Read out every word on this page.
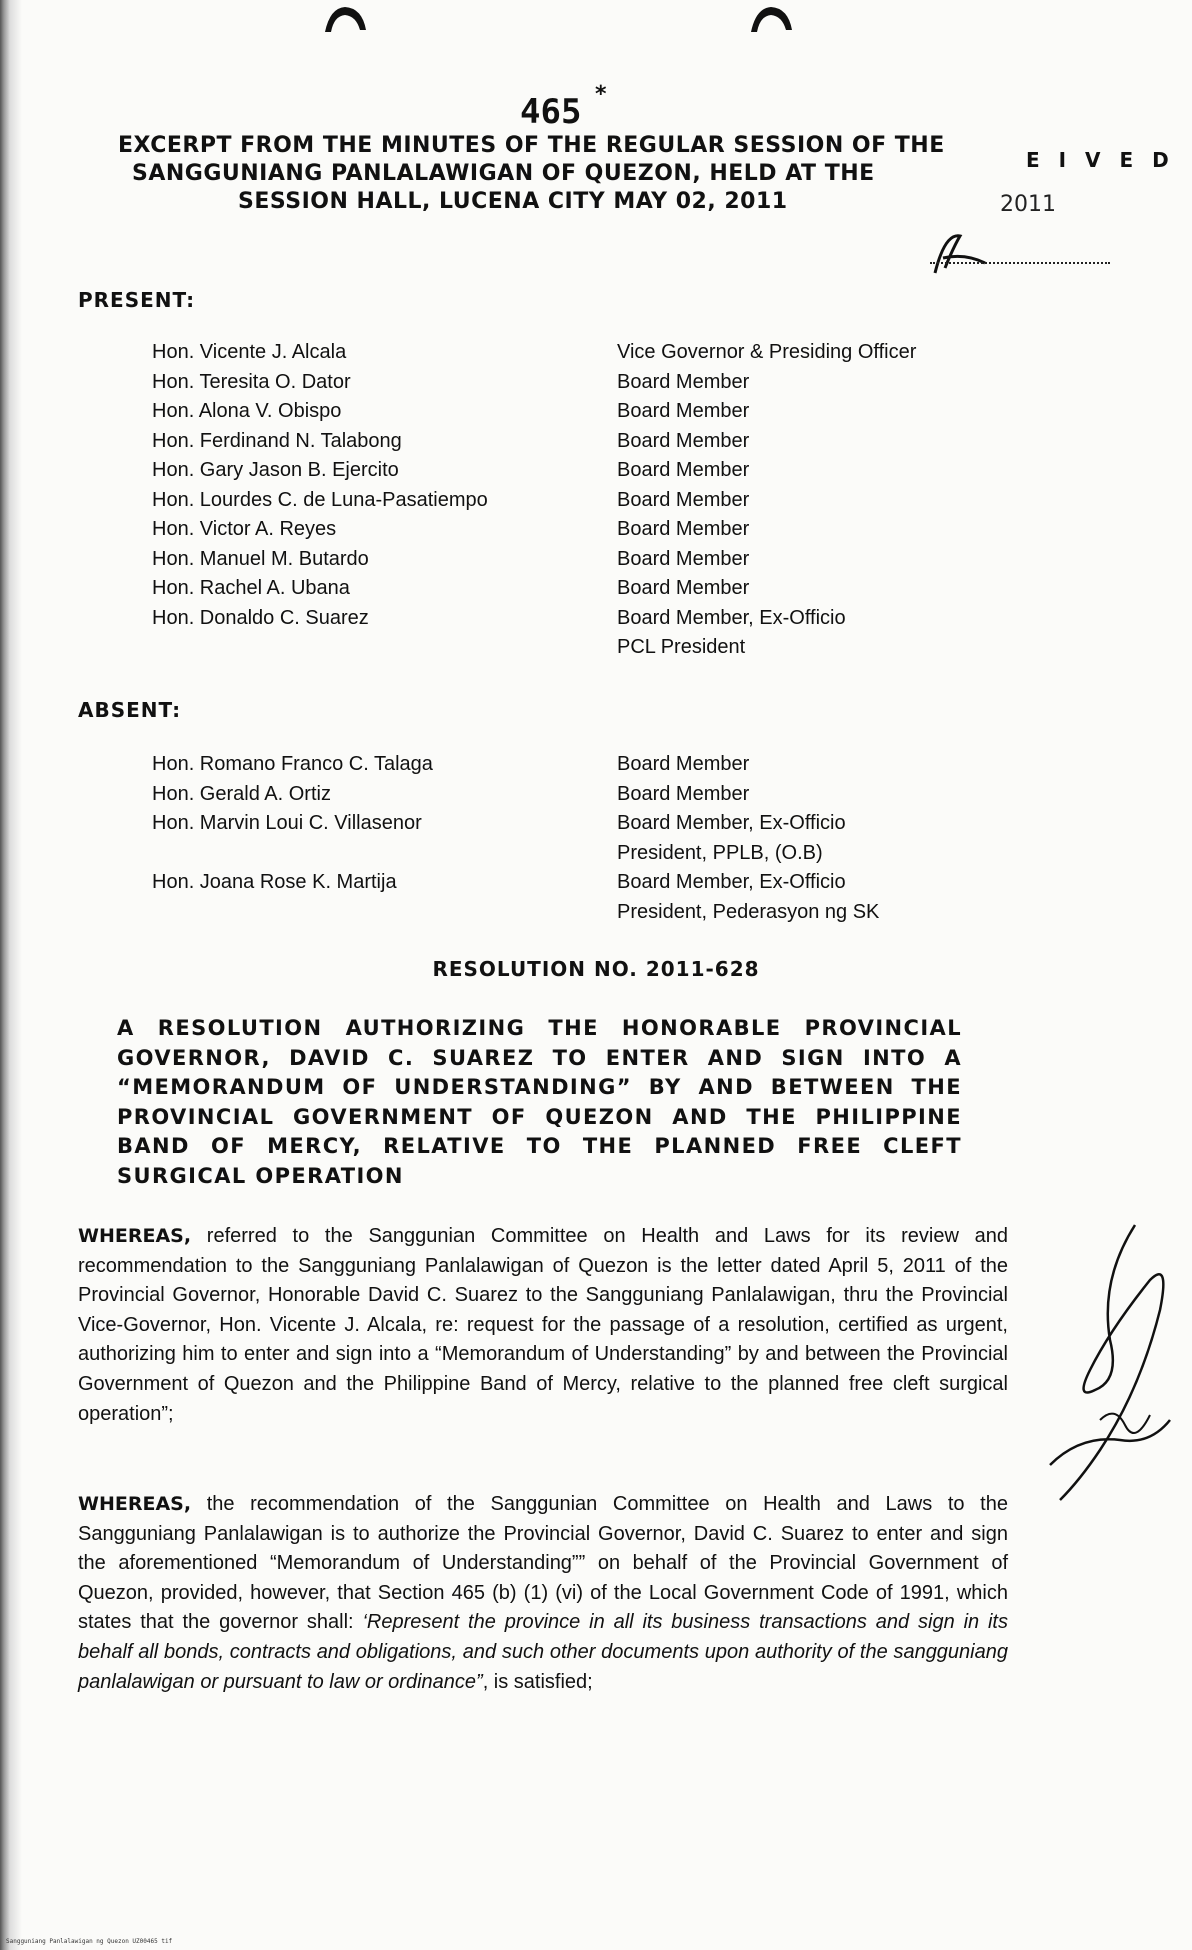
465 *
EXCERPT FROM THE MINUTES OF THE REGULAR SESSION OF THE
SANGGUNIANG PANLALAWIGAN OF QUEZON, HELD AT THE
SESSION HALL, LUCENA CITY MAY 02, 2011
E I V E D
2011
PRESENT:
Hon. Vicente J. Alcala	Vice Governor & Presiding Officer
Hon. Teresita O. Dator	Board Member
Hon. Alona V. Obispo	Board Member
Hon. Ferdinand N. Talabong	Board Member
Hon. Gary Jason B. Ejercito	Board Member
Hon. Lourdes C. de Luna-Pasatiempo	Board Member
Hon. Victor A. Reyes	Board Member
Hon. Manuel M. Butardo	Board Member
Hon. Rachel A. Ubana	Board Member
Hon. Donaldo C. Suarez	Board Member, Ex-Officio
PCL President
ABSENT:
Hon. Romano Franco C. Talaga	Board Member
Hon. Gerald A. Ortiz	Board Member
Hon. Marvin Loui C. Villasenor	Board Member, Ex-Officio
President, PPLB, (O.B)
Hon. Joana Rose K. Martija	Board Member, Ex-Officio
President, Pederasyon ng SK
RESOLUTION NO. 2011-628
A RESOLUTION AUTHORIZING THE HONORABLE PROVINCIAL GOVERNOR, DAVID C. SUAREZ TO ENTER AND SIGN INTO A “MEMORANDUM OF UNDERSTANDING” BY AND BETWEEN THE PROVINCIAL GOVERNMENT OF QUEZON AND THE PHILIPPINE BAND OF MERCY, RELATIVE TO THE PLANNED FREE CLEFT SURGICAL OPERATION
WHEREAS, referred to the Sanggunian Committee on Health and Laws for its review and recommendation to the Sangguniang Panlalawigan of Quezon is the letter dated April 5, 2011 of the Provincial Governor, Honorable David C. Suarez to the Sangguniang Panlalawigan, thru the Provincial Vice-Governor, Hon. Vicente J. Alcala, re: request for the passage of a resolution, certified as urgent, authorizing him to enter and sign into a “Memorandum of Understanding” by and between the Provincial Government of Quezon and the Philippine Band of Mercy, relative to the planned free cleft surgical operation”;
WHEREAS, the recommendation of the Sanggunian Committee on Health and Laws to the Sangguniang Panlalawigan is to authorize the Provincial Governor, David C. Suarez to enter and sign the aforementioned “Memorandum of Understanding”” on behalf of the Provincial Government of Quezon, provided, however, that Section 465 (b) (1) (vi) of the Local Government Code of 1991, which states that the governor shall: ‘Represent the province in all its business transactions and sign in its behalf all bonds, contracts and obligations, and such other documents upon authority of the sangguniang panlalawigan or pursuant to law or ordinance”, is satisfied;
Sangguniang Panlalawigan ng Quezon UZ00465 tif
